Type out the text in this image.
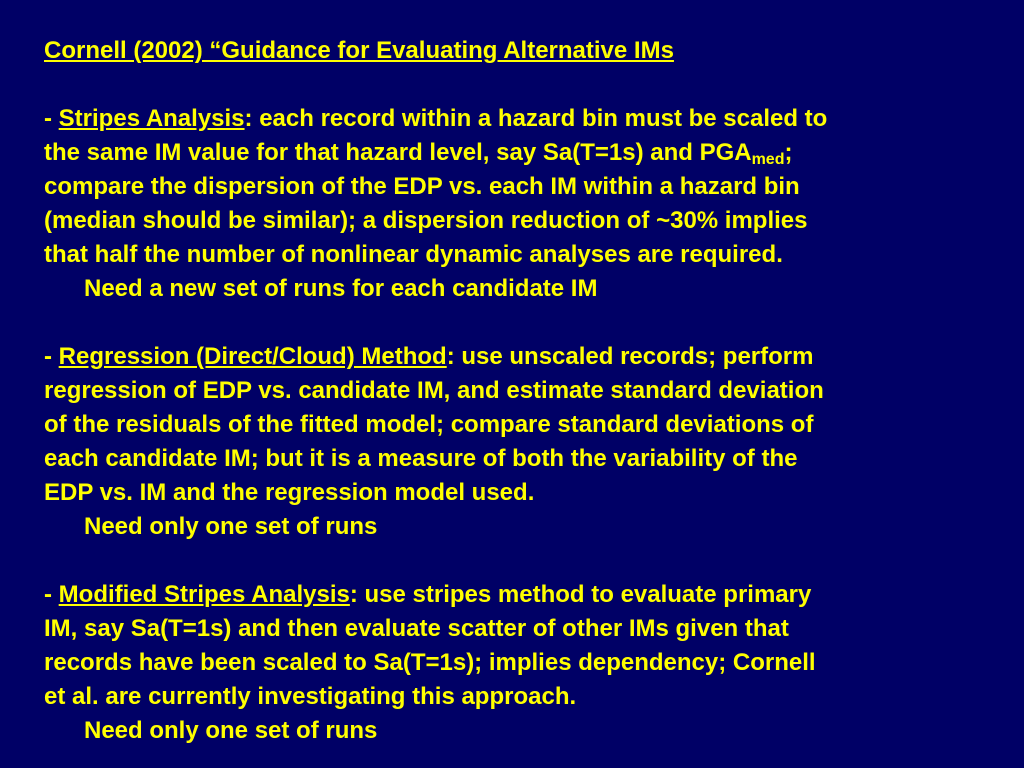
Cornell (2002) “Guidance for Evaluating Alternative IMs
- Stripes Analysis: each record within a hazard bin must be scaled to
the same IM value for that hazard level, say Sa(T=1s) and $PGA_{med}$;
compare the dispersion of the EDP vs. each IM within a hazard bin
(median should be similar); a dispersion reduction of ~30% implies
that half the number of nonlinear dynamic analyses are required.
Need a new set of runs for each candidate IM
- Regression (Direct/Cloud) Method: use unscaled records; perform
regression of EDP vs. candidate IM, and estimate standard deviation
of the residuals of the fitted model; compare standard deviations of
each candidate IM; but it is a measure of both the variability of the
EDP vs. IM and the regression model used.
Need only one set of runs
- Modified Stripes Analysis: use stripes method to evaluate primary
IM, say Sa(T=1s) and then evaluate scatter of other IMs given that
records have been scaled to Sa(T=1s); implies dependency; Cornell
et al. are currently investigating this approach.
Need only one set of runs
